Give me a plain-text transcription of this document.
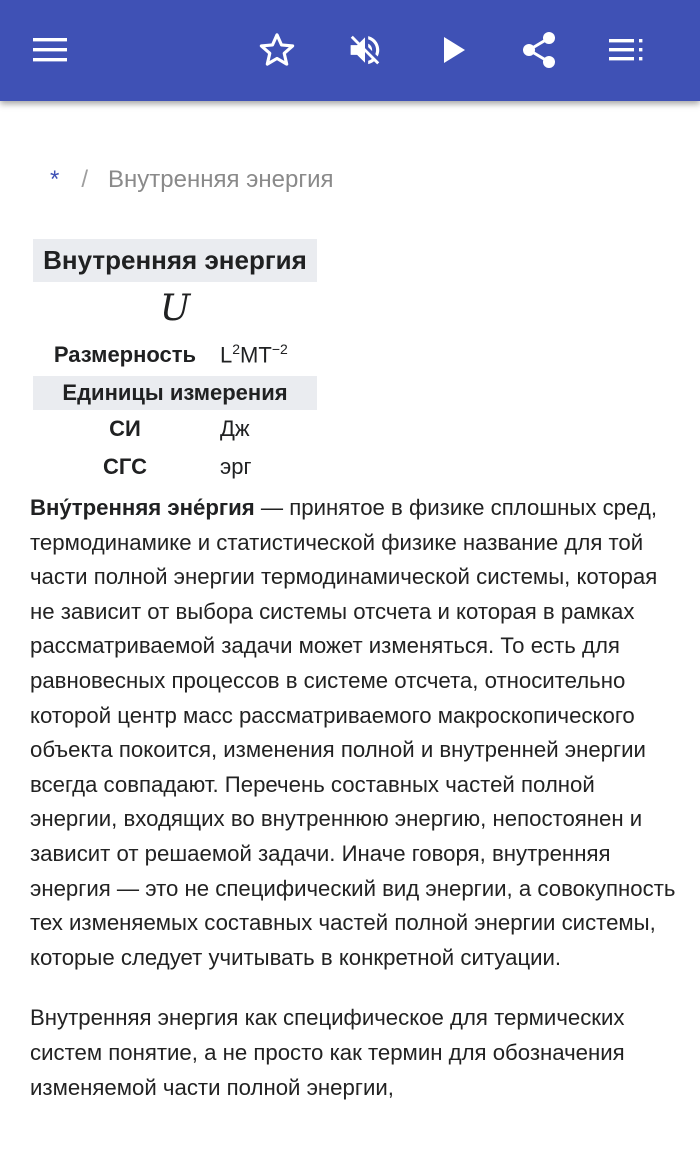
* / Внутренняя энергия
Внутренняя энергия
U
Размерность	$L^2MT^{-2}$
Единицы измерения
СИ	Дж
СГС	эрг

Вну́тренняя эне́ргия — принятое в физике сплошных сред, термодинамике и статистической физике название для той части полной энергии термодинамической системы, которая не зависит от выбора системы отсчета и которая в рамках рассматриваемой задачи может изменяться. То есть для равновесных процессов в системе отсчета, относительно которой центр масс рассматриваемого макроскопического объекта покоится, изменения полной и внутренней энергии всегда совпадают. Перечень составных частей полной энергии, входящих во внутреннюю энергию, непостоянен и зависит от решаемой задачи. Иначе говоря, внутренняя энергия — это не специфический вид энергии, а совокупность тех изменяемых составных частей полной энергии системы, которые следует учитывать в конкретной ситуации.

Внутренняя энергия как специфическое для термических систем понятие, а не просто как термин для обозначения изменяемой части полной энергии,
